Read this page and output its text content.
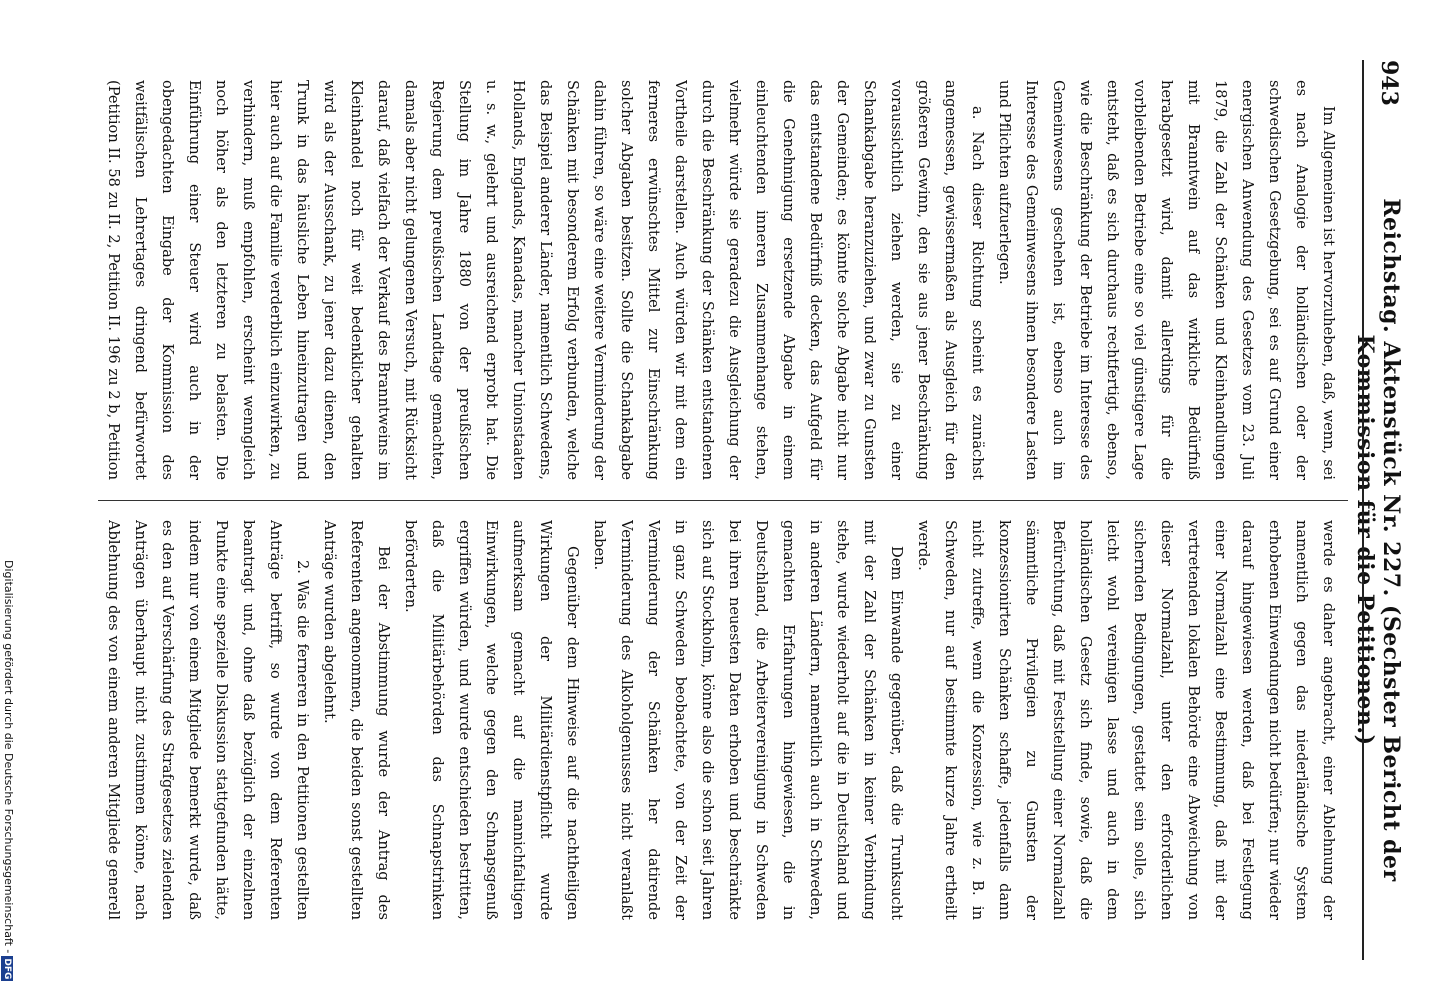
943
Reichstag. Aktenstück Nr. 227. (Sechster Bericht der Kommission für die Petitionen.)

Im Allgemeinen ist hervorzuheben, daß, wenn, sei es nach Analogie der holländischen oder der schwedischen Gesetzgebung, sei es auf Grund einer energischen Anwendung des Gesetzes vom 23. Juli 1879, die Zahl der Schänken und Kleinhandlungen mit Branntwein auf das wirkliche Bedürfniß herabgesetzt wird, damit allerdings für die vorbleibenden Betriebe eine so viel günstigere Lage entsteht, daß es sich durchaus rechtfertigt, ebenso, wie die Beschränkung der Betriebe im Interesse des Gemeinwesens geschehen ist, ebenso auch im Interesse des Gemeinwesens ihnen besondere Lasten und Pflichten aufzuerlegen.

a. Nach dieser Richtung scheint es zunächst angemessen, gewissermaßen als Ausgleich für den größeren Gewinn, den sie aus jener Beschränkung voraussichtlich ziehen werden, sie zu einer Schankabgabe heranzuziehen, und zwar zu Gunsten der Gemeinden; es könnte solche Abgabe nicht nur das entstandene Bedürfniß decken, das Aufgeld für die Genehmigung ersetzende Abgabe in einem einleuchtenden inneren Zusammenhange stehen, vielmehr würde sie geradezu die Ausgleichung der durch die Beschränkung der Schänken entstandenen Vortheile darstellen. Auch würden wir mit dem ein ferneres erwünschtes Mittel zur Einschränkung solcher Abgaben besitzen. Sollte die Schankabgabe dahin führen, so wäre eine weitere Verminderung der Schänken mit besonderem Erfolg verbunden, welche das Beispiel anderer Länder, namentlich Schwedens, Hollands, Englands, Kanadas, mancher Unionstaaten u. s. w., gelehrt und ausreichend erprobt hat. Die Stellung im Jahre 1880 von der preußischen Regierung dem preußischen Landtage gemachten, damals aber nicht gelungenen Versuch, mit Rücksicht darauf, daß vielfach der Verkauf des Branntweins im Kleinhandel noch für weit bedenklicher gehalten wird als der Ausschank, zu jener dazu dienen, den Trunk in das häusliche Leben hineinzutragen und hier auch auf die Familie verderblich einzuwirken, zu verhindern, muß empfohlen, erscheint wenngleich noch höher als den letzteren zu belasten. Die Einführung einer Steuer wird auch in der obengedachten Eingabe der Kommission des weitfälischen Lehrertages dringend befürwortet (Petition II. 58 zu II. 2, Petition II. 196 zu 2 b, Petition

werde es daher angebracht, einer Ablehnung der namentlich gegen das niederländische System erhobenen Einwendungen nicht bedürfen; nur wieder darauf hingewiesen werden, daß bei Festlegung einer Normalzahl eine Bestimmung, daß mit der vertretenden lokalen Behörde eine Abweichung von dieser Normalzahl, unter den erforderlichen sichernden Bedingungen, gestattet sein solle, sich leicht wohl vereinigen lasse und auch in dem holländischen Gesetz sich finde, sowie, daß die Befürchtung, daß mit Feststellung einer Normalzahl sämmtliche Privilegien zu Gunsten der konzessionirten Schänken schaffe, jedenfalls dann nicht zutreffe, wenn die Konzession, wie z. B. in Schweden, nur auf bestimmte kurze Jahre ertheilt werde.

Dem Einwande gegenüber, daß die Trunksucht mit der Zahl der Schänken in keiner Verbindung stehe, wurde wiederholt auf die in Deutschland und in anderen Ländern, namentlich auch in Schweden, gemachten Erfahrungen hingewiesen, die in Deutschland, die Arbeitervereinigung in Schweden bei ihren neuesten Daten erhoben und beschränkte sich auf Stockholm, könne also die schon seit Jahren in ganz Schweden beobachtete, von der Zeit der Verminderung der Schänken her datirende Verminderung des Alkoholgenusses nicht veranlaßt haben.

Gegenüber dem Hinweise auf die nachtheiligen Wirkungen der Militärdienstpflicht wurde aufmerksam gemacht auf die mannichfaltigen Einwirkungen, welche gegen den Schnapsgenuß ergriffen würden, und wurde entschieden bestritten, daß die Militärbehörden das Schnapstrinken beförderten.

Bei der Abstimmung wurde der Antrag des Referenten angenommen, die beiden sonst gestellten Anträge wurden abgelehnt.

2. Was die ferneren in den Petitionen gestellten Anträge betrifft, so wurde von dem Referenten beantragt und, ohne daß bezüglich der einzelnen Punkte eine spezielle Diskussion stattgefunden hätte, indem nur von einem Mitgliede bemerkt wurde, daß es den auf Verschärfung des Strafgesetzes zielenden Anträgen überhaupt nicht zustimmen könne, nach Ablehnung des von einem anderen Mitgliede generell

Digitalisierung gefördert durch die Deutsche Forschungsgemeinschaft -DFG
